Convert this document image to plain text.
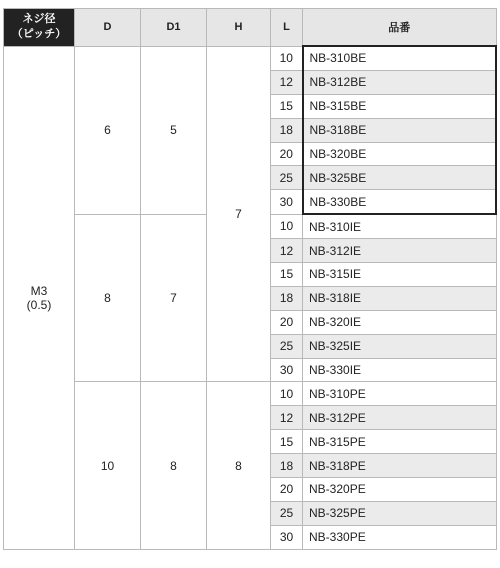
ネジ径
（ピッチ）	D	D1	H	L	品番
M3
(0.5)	6	5	7	10	NB-310BE
				12	NB-312BE
				15	NB-315BE
				18	NB-318BE
				20	NB-320BE
				25	NB-325BE
				30	NB-330BE
	8	7		10	NB-310IE
				12	NB-312IE
				15	NB-315IE
				18	NB-318IE
				20	NB-320IE
				25	NB-325IE
				30	NB-330IE
	10	8	8	10	NB-310PE
				12	NB-312PE
				15	NB-315PE
				18	NB-318PE
				20	NB-320PE
				25	NB-325PE
				30	NB-330PE
